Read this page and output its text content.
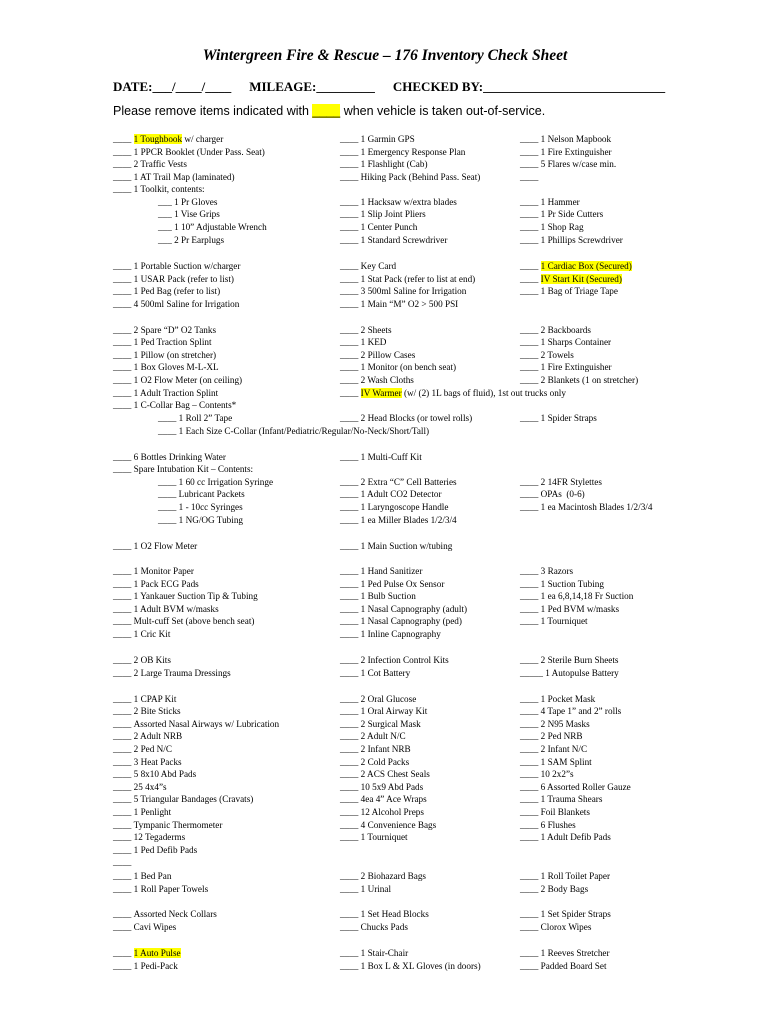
Wintergreen Fire & Rescue – 176 Inventory Check Sheet
DATE:___/____/____ MILEAGE:_________ CHECKED BY:____________________________
Please remove items indicated with ____ when vehicle is taken out-of-service.
____ 1 Toughbook w/ charger
____ 1 PPCR Booklet (Under Pass. Seat)
____ 2 Traffic Vests
____ 1 AT Trail Map (laminated)
____ 1 Toolkit, contents:
___ 1 Pr Gloves
___ 1 Vise Grips
___ 1 10” Adjustable Wrench
___ 2 Pr Earplugs
____ 1 Portable Suction w/charger
____ 1 USAR Pack (refer to list)
____ 1 Ped Bag (refer to list)
____ 4 500ml Saline for Irrigation
____ 2 Spare “D” O2 Tanks
____ 1 Ped Traction Splint
____ 1 Pillow (on stretcher)
____ 1 Box Gloves M-L-XL
____ 1 O2 Flow Meter (on ceiling)
____ 1 Adult Traction Splint
____ 1 C-Collar Bag – Contents*
____ 1 Roll 2” Tape
____ 1 Each Size C-Collar (Infant/Pediatric/Regular/No-Neck/Short/Tall)
____ 6 Bottles Drinking Water
____ Spare Intubation Kit – Contents:
____ 1 60 cc Irrigation Syringe
____ Lubricant Packets
____ 1 - 10cc Syringes
____ 1 NG/OG Tubing
____ 1 O2 Flow Meter
____ 1 Monitor Paper
____ 1 Pack ECG Pads
____ 1 Yankauer Suction Tip & Tubing
____ 1 Adult BVM w/masks
____ Mult-cuff Set (above bench seat)
____ 1 Cric Kit
____ 2 OB Kits
____ 2 Large Trauma Dressings
____ 1 CPAP Kit
____ 2 Bite Sticks
____ Assorted Nasal Airways w/ Lubrication
____ 2 Adult NRB
____ 2 Ped N/C
____ 3 Heat Packs
____ 5 8x10 Abd Pads
____ 25 4x4”s
____ 5 Triangular Bandages (Cravats)
____ 1 Penlight
____ Tympanic Thermometer
____ 12 Tegaderms
____ 1 Ped Defib Pads
____
____ 1 Bed Pan
____ 1 Roll Paper Towels
____ Assorted Neck Collars
____ Cavi Wipes
____ 1 Auto Pulse
____ 1 Pedi-Pack
____ 1 Garmin GPS
____ 1 Emergency Response Plan
____ 1 Flashlight (Cab)
____ Hiking Pack (Behind Pass. Seat)
____ 1 Hacksaw w/extra blades
____ 1 Slip Joint Pliers
____ 1 Center Punch
____ 1 Standard Screwdriver
____ Key Card
____ 1 Stat Pack (refer to list at end)
____ 3 500ml Saline for Irrigation
____ 1 Main “M” O2 > 500 PSI
____ 2 Sheets
____ 1 KED
____ 2 Pillow Cases
____ 1 Monitor (on bench seat)
____ 2 Wash Cloths
____ IV Warmer (w/ (2) 1L bags of fluid), 1st out trucks only
____ 2 Head Blocks (or towel rolls)
____ 1 Multi-Cuff Kit
____ 2 Extra “C” Cell Batteries
____ 1 Adult CO2 Detector
____ 1 Laryngoscope Handle
____ 1 ea Miller Blades 1/2/3/4
____ 1 Main Suction w/tubing
____ 1 Hand Sanitizer
____ 1 Ped Pulse Ox Sensor
____ 1 Bulb Suction
____ 1 Nasal Capnography (adult)
____ 1 Nasal Capnography (ped)
____ 1 Inline Capnography
____ 2 Infection Control Kits
____ 1 Cot Battery
____ 2 Oral Glucose
____ 1 Oral Airway Kit
____ 2 Surgical Mask
____ 2 Adult N/C
____ 2 Infant NRB
____ 2 Cold Packs
____ 2 ACS Chest Seals
____ 10 5x9 Abd Pads
____ 4ea 4” Ace Wraps
____ 12 Alcohol Preps
____ 4 Convenience Bags
____ 1 Tourniquet
____ 2 Biohazard Bags
____ 1 Urinal
____ 1 Set Head Blocks
____ Chucks Pads
____ 1 Stair-Chair
____ 1 Box L & XL Gloves (in doors)
____ 1 Nelson Mapbook
____ 1 Fire Extinguisher
____ 5 Flares w/case min.
____
____ 1 Hammer
____ 1 Pr Side Cutters
____ 1 Shop Rag
____ 1 Phillips Screwdriver
____ 1 Cardiac Box (Secured)
____ IV Start Kit (Secured)
____ 1 Bag of Triage Tape
____ 2 Backboards
____ 1 Sharps Container
____ 2 Towels
____ 1 Fire Extinguisher
____ 2 Blankets (1 on stretcher)
____ 1 Spider Straps
____ 2 14FR Stylettes
____ OPAs  (0-6)
____ 1 ea Macintosh Blades 1/2/3/4
____ 3 Razors
____ 1 Suction Tubing
____ 1 ea 6,8,14,18 Fr Suction
____ 1 Ped BVM w/masks
____ 1 Tourniquet
____ 2 Sterile Burn Sheets
_____ 1 Autopulse Battery
____ 1 Pocket Mask
____ 4 Tape 1” and 2” rolls
____ 2 N95 Masks
____ 2 Ped NRB
____ 2 Infant N/C
____ 1 SAM Splint
____ 10 2x2”s
____ 6 Assorted Roller Gauze
____ 1 Trauma Shears
____ Foil Blankets
____ 6 Flushes
____ 1 Adult Defib Pads
____ 1 Roll Toilet Paper
____ 2 Body Bags
____ 1 Set Spider Straps
____ Clorox Wipes
____ 1 Reeves Stretcher
____ Padded Board Set
